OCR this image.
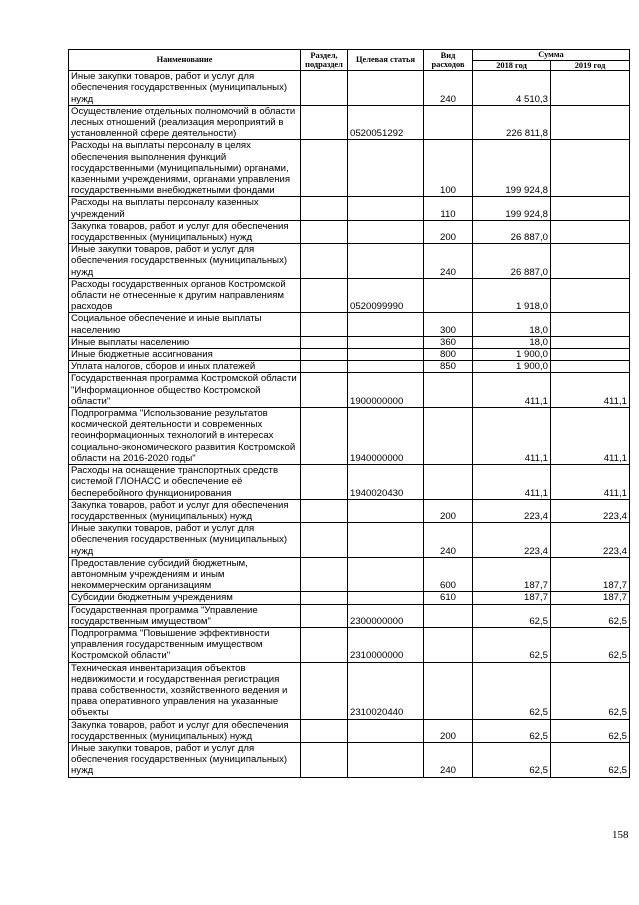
Наименование	Раздел, подраздел	Целевая статья	Вид расходов	Сумма	
				2018 год	2019 год
Иные закупки товаров, работ и услуг для обеспечения государственных (муниципальных) нужд			240	4 510,3	
Осуществление отдельных полномочий в области лесных отношений (реализация мероприятий в установленной сфере деятельности)		0520051292		226 811,8	
Расходы на выплаты персоналу в целях обеспечения выполнения функций государственными (муниципальными) органами, казенными учреждениями, органами управления государственными внебюджетными фондами			100	199 924,8	
Расходы на выплаты персоналу казенных учреждений			110	199 924,8	
Закупка товаров, работ и услуг для обеспечения государственных (муниципальных) нужд			200	26 887,0	
Иные закупки товаров, работ и услуг для обеспечения государственных (муниципальных) нужд			240	26 887,0	
Расходы государственных органов Костромской области не отнесенные к другим направлениям расходов		0520099990		1 918,0	
Социальное обеспечение и иные выплаты населению			300	18,0	
Иные выплаты населению			360	18,0	
Иные бюджетные ассигнования			800	1 900,0	
Уплата налогов, сборов и иных платежей			850	1 900,0	
Государственная программа Костромской области "Информационное общество Костромской области"		1900000000		411,1	411,1
Подпрограмма "Использование результатов космической деятельности и современных геоинформационных технологий в интересах социально-экономического развития Костромской области на 2016-2020 годы"		1940000000		411,1	411,1
Расходы на оснащение транспортных средств системой ГЛОНАСС и обеспечение её бесперебойного функционирования		1940020430		411,1	411,1
Закупка товаров, работ и услуг для обеспечения государственных (муниципальных) нужд			200	223,4	223,4
Иные закупки товаров, работ и услуг для обеспечения государственных (муниципальных) нужд			240	223,4	223,4
Предоставление субсидий бюджетным, автономным учреждениям и иным некоммерческим организациям			600	187,7	187,7
Субсидии бюджетным учреждениям			610	187,7	187,7
Государственная программа "Управление государственным имуществом"		2300000000		62,5	62,5
Подпрограмма "Повышение эффективности управления государственным имуществом Костромской области"		2310000000		62,5	62,5
Техническая инвентаризация объектов недвижимости и государственная регистрация права собственности, хозяйственного ведения и права оперативного управления на указанные объекты		2310020440		62,5	62,5
Закупка товаров, работ и услуг для обеспечения государственных (муниципальных) нужд			200	62,5	62,5
Иные закупки товаров, работ и услуг для обеспечения государственных (муниципальных) нужд			240	62,5	62,5
158
